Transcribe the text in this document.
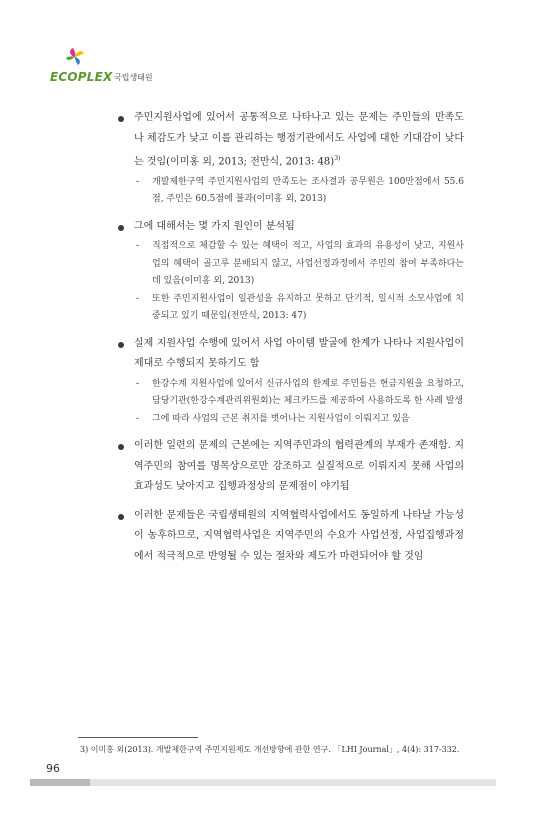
ECOPLEX 국립생태원
주민지원사업에 있어서 공통적으로 나타나고 있는 문제는 주민들의 만족도나 체감도가 낮고 이를 관리하는 행정기관에서도 사업에 대한 기대감이 낮다는 것임(이미홍 외, 2013; 전만식, 2013: 48)$^{3)}$
- 개발제한구역 주민지원사업의 만족도는 조사결과 공무원은 100만점에서 55.6점, 주민은 60.5점에 불과(이미홍 외, 2013)
그에 대해서는 몇 가지 원인이 분석됨
- 직접적으로 체감할 수 있는 혜택이 적고, 사업의 효과의 유용성이 낮고, 지원사업의 혜택이 골고루 분배되지 않고, 사업선정과정에서 주민의 참여 부족하다는 데 있음(이미홍 외, 2013)
- 또한 주민지원사업이 일관성을 유지하고 못하고 단기적, 일시적 소모사업에 치중되고 있기 때문임(전만식, 2013: 47)
실제 지원사업 수행에 있어서 사업 아이템 발굴에 한계가 나타나 지원사업이 제대로 수행되지 못하기도 함
- 한강수계 지원사업에 있어서 신규사업의 한계로 주민들은 현금지원을 요청하고, 담당기관(한강수계관리위원회)는 체크카드를 제공하여 사용하도록 한 사례 발생
- 그에 따라 사업의 근본 취지를 벗어나는 지원사업이 이뤄지고 있음
이러한 일련의 문제의 근본에는 지역주민과의 협력관계의 부재가 존재함. 지역주민의 참여를 명목상으로만 강조하고 실질적으로 이뤄지지 못해 사업의 효과성도 낮아지고 집행과정상의 문제점이 야기됨
이러한 문제들은 국립생태원의 지역협력사업에서도 동일하게 나타날 가능성이 농후하므로, 지역협력사업은 지역주민의 수요가 사업선정, 사업집행과정에서 적극적으로 반영될 수 있는 절차와 제도가 마련되어야 할 것임
3) 이미홍 외(2013). 개발제한구역 주민지원제도 개선방향에 관한 연구. 「LHI Journal」, 4(4): 317-332.
96
